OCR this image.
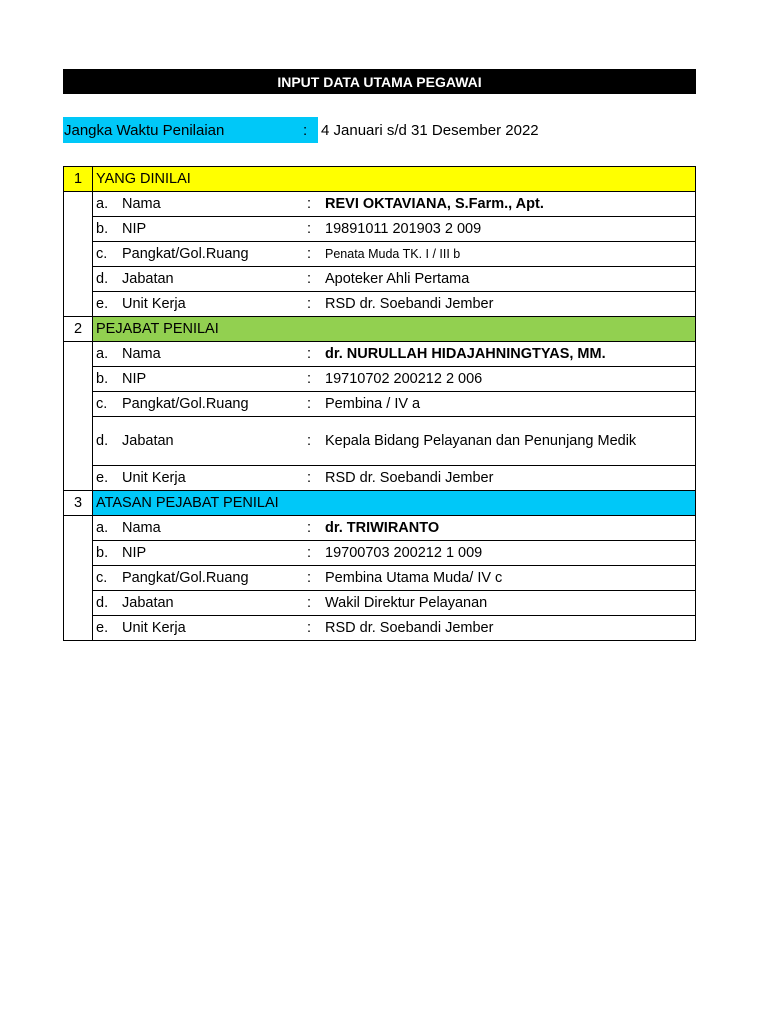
INPUT DATA UTAMA PEGAWAI
Jangka Waktu Penilaian	: 4 Januari s/d 31 Desember 2022
1 YANG DINILAI
a. Nama	: REVI OKTAVIANA, S.Farm., Apt.
b. NIP	: 19891011 201903 2 009
c.	Pangkat/Gol.Ruang	:	Penata Muda TK. I / III b
d. Jabatan	: Apoteker Ahli Pertama
e. Unit Kerja	: RSD dr. Soebandi Jember
2 PEJABAT PENILAI
a. Nama	: dr. NURULLAH HIDAJAHNINGTYAS, MM.
b. NIP	: 19710702 200212 2 006
c.	Pangkat/Gol.Ruang	: Pembina / IV a
d. Jabatan	: Kepala Bidang Pelayanan dan Penunjang Medik
e. Unit Kerja	: RSD dr. Soebandi Jember
3 ATASAN PEJABAT PENILAI
a. Nama	: dr. TRIWIRANTO
b. NIP	: 19700703 200212 1 009
c.	Pangkat/Gol.Ruang	: Pembina Utama Muda/ IV c
d. Jabatan	: Wakil Direktur Pelayanan
e. Unit Kerja	: RSD dr. Soebandi Jember
